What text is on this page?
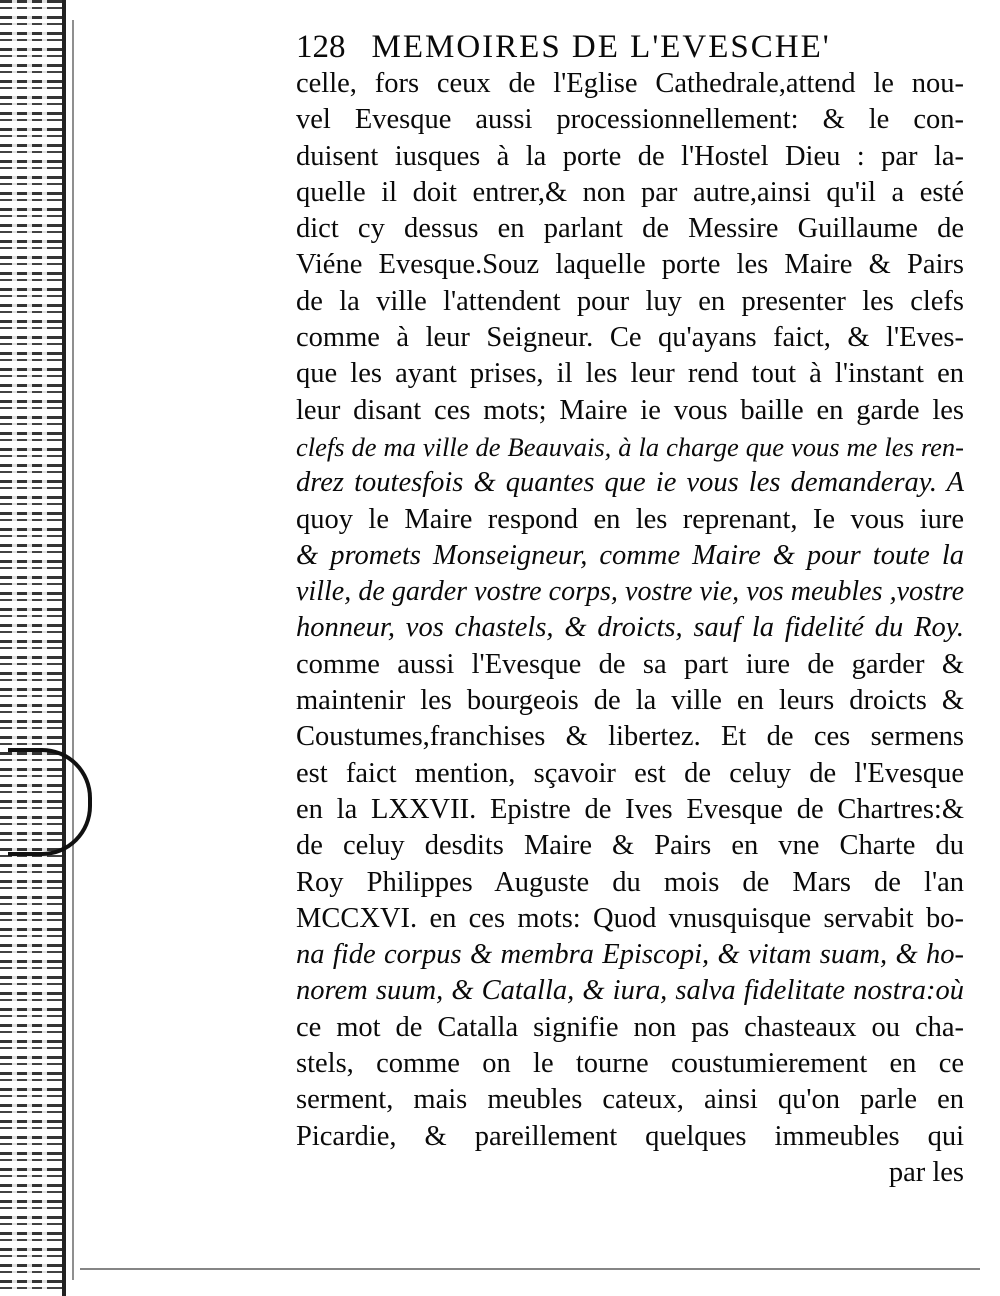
128 MEMOIRES DE L'EVESCHE'
celle, fors ceux de l'Eglise Cathedrale,attend le nou-
vel Evesque aussi processionnellement: & le con-
duisent iusques à la porte de l'Hostel Dieu : par la-
quelle il doit entrer,& non par autre,ainsi qu'il a esté
dict cy dessus en parlant de Messire Guillaume de
Viéne Evesque.Souz laquelle porte les Maire & Pairs
de la ville l'attendent pour luy en presenter les clefs
comme à leur Seigneur. Ce qu'ayans faict, & l'Eves-
que les ayant prises, il les leur rend tout à l'instant en
leur disant ces mots; Maire ie vous baille en garde les
clefs de ma ville de Beauvais, à la charge que vous me les ren-
drez toutesfois & quantes que ie vous les demanderay. A
quoy le Maire respond en les reprenant, Ie vous iure
& promets Monseigneur, comme Maire & pour toute la
ville, de garder vostre corps, vostre vie, vos meubles ,vostre
honneur, vos chastels, & droicts, sauf la fidelité du Roy.
comme aussi l'Evesque de sa part iure de garder &
maintenir les bourgeois de la ville en leurs droicts &
Coustumes,franchises & libertez. Et de ces sermens
est faict mention, sçavoir est de celuy de l'Evesque
en la LXXVII. Epistre de Ives Evesque de Chartres:&
de celuy desdits Maire & Pairs en vne Charte du
Roy Philippes Auguste du mois de Mars de l'an
MCCXVI. en ces mots: Quod vnusquisque servabit bo-
na fide corpus & membra Episcopi, & vitam suam, & ho-
norem suum, & Catalla, & iura, salva fidelitate nostra:où
ce mot de Catalla signifie non pas chasteaux ou cha-
stels, comme on le tourne coustumierement en ce
serment, mais meubles cateux, ainsi qu'on parle en
Picardie, & pareillement quelques immeubles qui
par les
